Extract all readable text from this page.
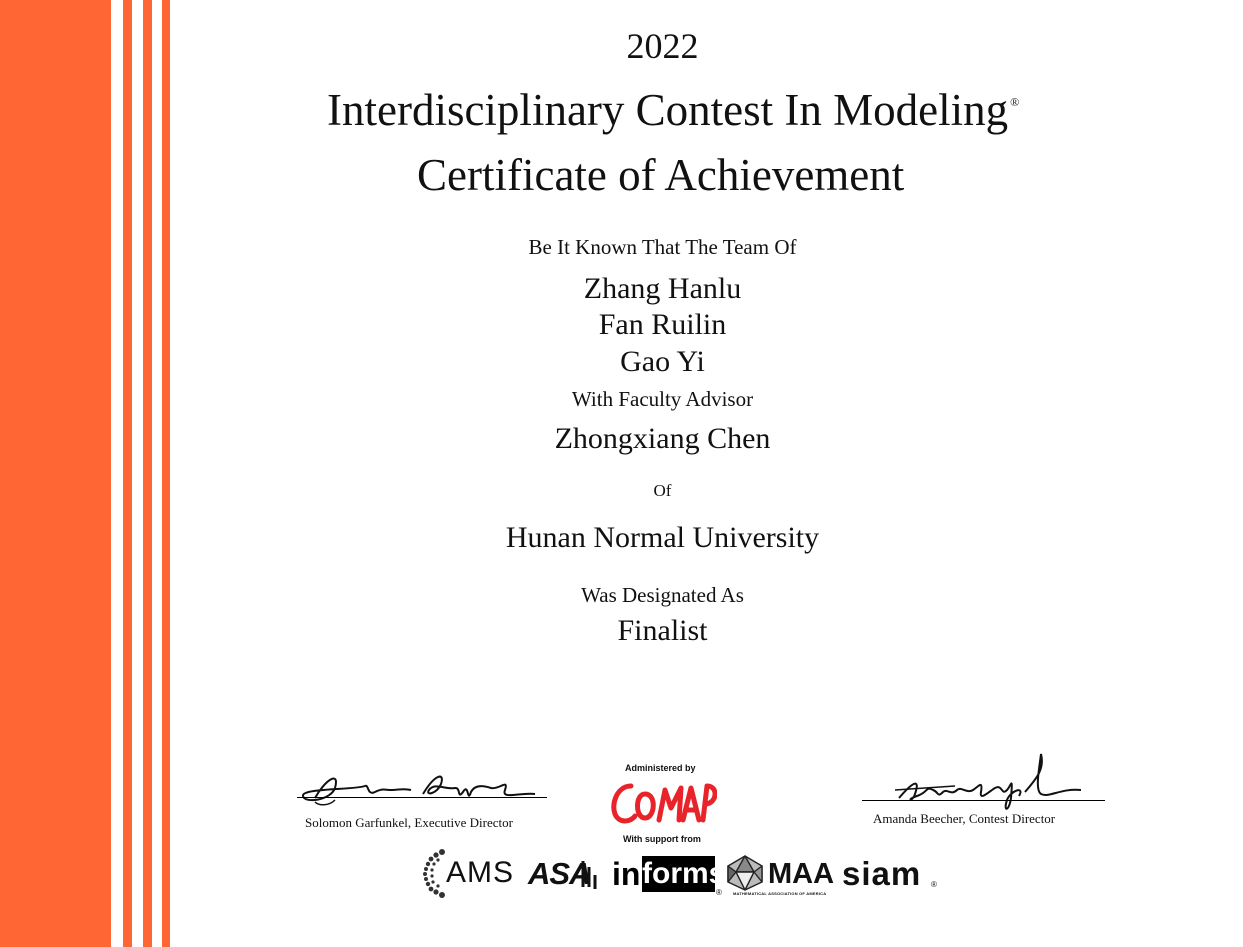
2022
Interdisciplinary Contest In Modeling ®
Certificate of Achievement
Be It Known That The Team Of
Zhang Hanlu
Fan Ruilin
Gao Yi
With Faculty Advisor
Zhongxiang Chen
Of
Hunan Normal University
Was Designated As
Finalist
Solomon Garfunkel, Executive Director	Amanda Beecher, Contest Director
Administered by
With support from
AMS ASA in forms
®
MAA
MATHEMATICAL ASSOCIATION OF AMERICA
siam ®
